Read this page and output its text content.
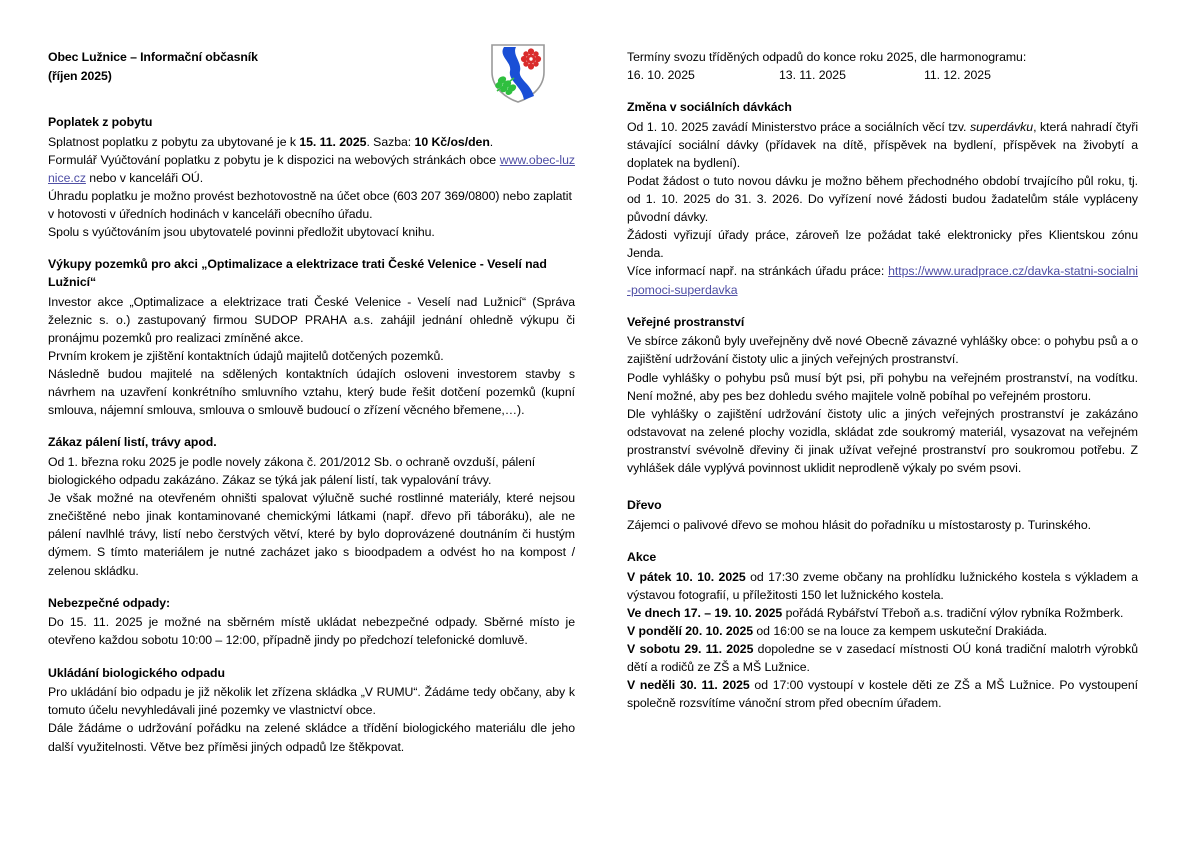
Obec Lužnice – Informační občasník
(říjen 2025)
Poplatek z pobytu

Splatnost poplatku z pobytu za ubytované je k 15. 11. 2025. Sazba: 10 Kč/os/den.

Formulář Vyúčtování poplatku z pobytu je k dispozici na webových stránkách obce www.obec-luznice.cz nebo v kanceláři OÚ.

Úhradu poplatku je možno provést bezhotovostně na účet obce (603 207 369/0800) nebo zaplatit v hotovosti v úředních hodinách v kanceláři obecního úřadu.

Spolu s vyúčtováním jsou ubytovatelé povinni předložit ubytovací knihu.

Výkupy pozemků pro akci „Optimalizace a elektrizace trati České Velenice - Veselí nad Lužnicí“

Investor akce „Optimalizace a elektrizace trati České Velenice - Veselí nad Lužnicí“ (Správa železnic s. o.) zastupovaný firmou SUDOP PRAHA a.s. zahájil jednání ohledně výkupu či pronájmu pozemků pro realizaci zmíněné akce.

Prvním krokem je zjištění kontaktních údajů majitelů dotčených pozemků.

Následně budou majitelé na sdělených kontaktních údajích osloveni investorem stavby s návrhem na uzavření konkrétního smluvního vztahu, který bude řešit dotčení pozemků (kupní smlouva, nájemní smlouva, smlouva o smlouvě budoucí o zřízení věcného břemene,…).

Zákaz pálení listí, trávy apod.

Od 1. března roku 2025 je podle novely zákona č. 201/2012 Sb. o ochraně ovzduší, pálení biologického odpadu zakázáno. Zákaz se týká jak pálení listí, tak vypalování trávy.

Je však možné na otevřeném ohništi spalovat výlučně suché rostlinné materiály, které nejsou znečištěné nebo jinak kontaminované chemickými látkami (např. dřevo při táboráku), ale ne pálení navlhlé trávy, listí nebo čerstvých větví, které by bylo doprovázené doutnáním či hustým dýmem. S tímto materiálem je nutné zacházet jako s bioodpadem a odvést ho na kompost / zelenou skládku.

Nebezpečné odpady:

Do 15. 11. 2025 je možné na sběrném místě ukládat nebezpečné odpady. Sběrné místo je otevřeno každou sobotu 10:00 – 12:00, případně jindy po předchozí telefonické domluvě.

Ukládání biologického odpadu

Pro ukládání bio odpadu je již několik let zřízena skládka „V RUMU“. Žádáme tedy občany, aby k tomuto účelu nevyhledávali jiné pozemky ve vlastnictví obce.

Dále žádáme o udržování pořádku na zelené skládce a třídění biologického materiálu dle jeho další využitelnosti. Větve bez příměsi jiných odpadů lze štěkpovat.

Termíny svozu tříděných odpadů do konce roku 2025, dle harmonogramu:

16. 10. 2025	13. 11. 2025	11. 12. 2025
Změna v sociálních dávkách

Od 1. 10. 2025 zavádí Ministerstvo práce a sociálních věcí tzv. superdávku, která nahradí čtyři stávající sociální dávky (přídavek na dítě, příspěvek na bydlení, příspěvek na živobytí a doplatek na bydlení).

Podat žádost o tuto novou dávku je možno během přechodného období trvajícího půl roku, tj. od 1. 10. 2025 do 31. 3. 2026. Do vyřízení nové žádosti budou žadatelům stále vypláceny původní dávky.

Žádosti vyřizují úřady práce, zároveň lze požádat také elektronicky přes Klientskou zónu Jenda.

Více informací např. na stránkách úřadu práce: https://www.uradprace.cz/davka-statni-socialni-pomoci-superdavka

Veřejné prostranství

Ve sbírce zákonů byly uveřejněny dvě nové Obecně závazné vyhlášky obce: o pohybu psů a o zajištění udržování čistoty ulic a jiných veřejných prostranství.

Podle vyhlášky o pohybu psů musí být psi, při pohybu na veřejném prostranství, na vodítku. Není možné, aby pes bez dohledu svého majitele volně pobíhal po veřejném prostoru.

Dle vyhlášky o zajištění udržování čistoty ulic a jiných veřejných prostranství je zakázáno odstavovat na zelené plochy vozidla, skládat zde soukromý materiál, vysazovat na veřejném prostranství svévolně dřeviny či jinak užívat veřejné prostranství pro soukromou potřebu. Z vyhlášek dále vyplývá povinnost uklidit neprodleně výkaly po svém psovi.

Dřevo

Zájemci o palivové dřevo se mohou hlásit do pořadníku u místostarosty p. Turinského.

Akce

V pátek 10. 10. 2025 od 17:30 zveme občany na prohlídku lužnického kostela s výkladem a výstavou fotografií, u příležitosti 150 let lužnického kostela.

Ve dnech 17. – 19. 10. 2025 pořádá Rybářství Třeboň a.s. tradiční výlov rybníka Rožmberk.

V pondělí 20. 10. 2025 od 16:00 se na louce za kempem uskuteční Drakiáda.

V sobotu 29. 11. 2025 dopoledne se v zasedací místnosti OÚ koná tradiční malotrh výrobků dětí a rodičů ze ZŠ a MŠ Lužnice.

V neděli 30. 11. 2025 od 17:00 vystoupí v kostele děti ze ZŠ a MŠ Lužnice. Po vystoupení společně rozsvítíme vánoční strom před obecním úřadem.
